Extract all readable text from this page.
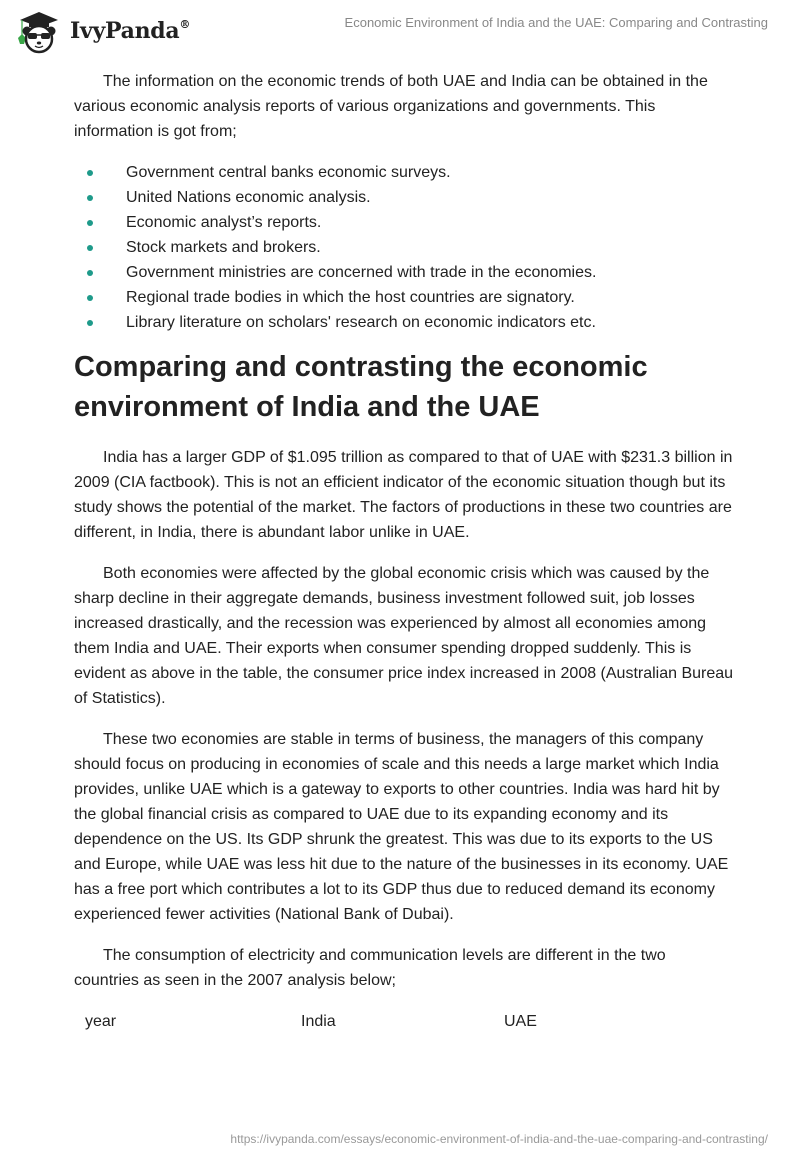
IvyPanda®	Economic Environment of India and the UAE: Comparing and Contrasting

The information on the economic trends of both UAE and India can be obtained in the various economic analysis reports of various organizations and governments. This information is got from;

Government central banks economic surveys.
United Nations economic analysis.
Economic analyst’s reports.
Stock markets and brokers.
Government ministries are concerned with trade in the economies.
Regional trade bodies in which the host countries are signatory.
Library literature on scholars' research on economic indicators etc.
Comparing and contrasting the economic environment of India and the UAE

India has a larger GDP of $1.095 trillion as compared to that of UAE with $231.3 billion in 2009 (CIA factbook). This is not an efficient indicator of the economic situation though but its study shows the potential of the market. The factors of productions in these two countries are different, in India, there is abundant labor unlike in UAE.

Both economies were affected by the global economic crisis which was caused by the sharp decline in their aggregate demands, business investment followed suit, job losses increased drastically, and the recession was experienced by almost all economies among them India and UAE. Their exports when consumer spending dropped suddenly. This is evident as above in the table, the consumer price index increased in 2008 (Australian Bureau of Statistics).

These two economies are stable in terms of business, the managers of this company should focus on producing in economies of scale and this needs a large market which India provides, unlike UAE which is a gateway to exports to other countries. India was hard hit by the global financial crisis as compared to UAE due to its expanding economy and its dependence on the US. Its GDP shrunk the greatest. This was due to its exports to the US and Europe, while UAE was less hit due to the nature of the businesses in its economy. UAE has a free port which contributes a lot to its GDP thus due to reduced demand its economy experienced fewer activities (National Bank of Dubai).

The consumption of electricity and communication levels are different in the two countries as seen in the 2007 analysis below;

year	India	UAE
https://ivypanda.com/essays/economic-environment-of-india-and-the-uae-comparing-and-contrasting/
